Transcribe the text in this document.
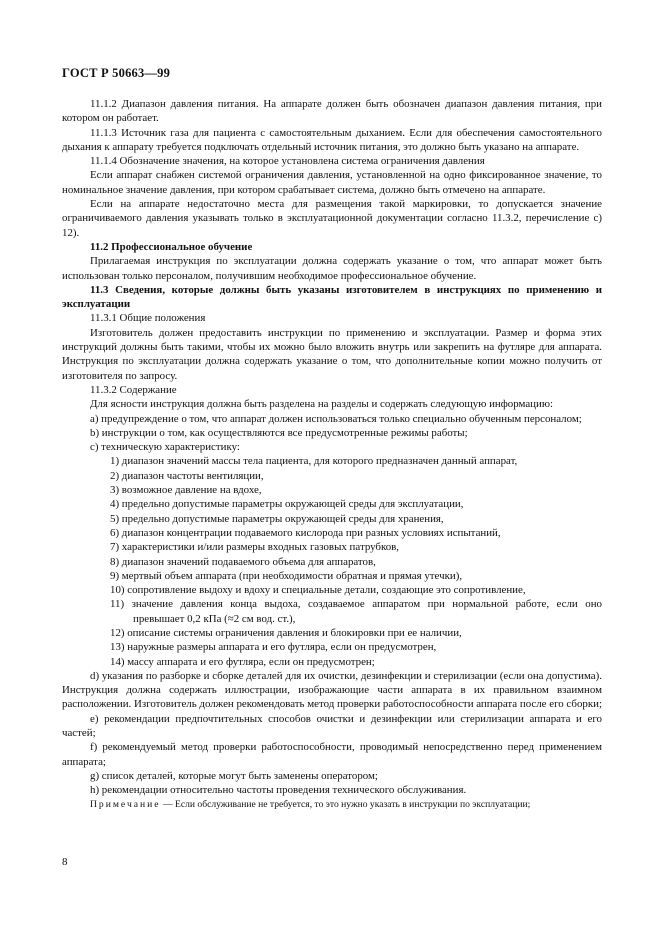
ГОСТ Р 50663—99

11.1.2 Диапазон давления питания. На аппарате должен быть обозначен диапазон давления питания, при котором он работает.

11.1.3 Источник газа для пациента с самостоятельным дыханием. Если для обеспечения самостоятельного дыхания к аппарату требуется подключать отдельный источник питания, это должно быть указано на аппарате.

11.1.4 Обозначение значения, на которое установлена система ограничения давления

Если аппарат снабжен системой ограничения давления, установленной на одно фиксированное значение, то номинальное значение давления, при котором срабатывает система, должно быть отмечено на аппарате.

Если на аппарате недостаточно места для размещения такой маркировки, то допускается значение ограничиваемого давления указывать только в эксплуатационной документации согласно 11.3.2, перечисление c) 12).

11.2 Профессиональное обучение

Прилагаемая инструкция по эксплуатации должна содержать указание о том, что аппарат может быть использован только персоналом, получившим необходимое профессиональное обучение.

11.3 Сведения, которые должны быть указаны изготовителем в инструкциях по применению и эксплуатации

11.3.1 Общие положения

Изготовитель должен предоставить инструкции по применению и эксплуатации. Размер и форма этих инструкций должны быть такими, чтобы их можно было вложить внутрь или закрепить на футляре для аппарата. Инструкция по эксплуатации должна содержать указание о том, что дополнительные копии можно получить от изготовителя по запросу.

11.3.2 Содержание

Для ясности инструкция должна быть разделена на разделы и содержать следующую информацию:

a) предупреждение о том, что аппарат должен использоваться только специально обученным персоналом;

b) инструкции о том, как осуществляются все предусмотренные режимы работы;

c) техническую характеристику:

1) диапазон значений массы тела пациента, для которого предназначен данный аппарат,

2) диапазон частоты вентиляции,

3) возможное давление на вдохе,

4) предельно допустимые параметры окружающей среды для эксплуатации,

5) предельно допустимые параметры окружающей среды для хранения,

6) диапазон концентрации подаваемого кислорода при разных условиях испытаний,

7) характеристики и/или размеры входных газовых патрубков,

8) диапазон значений подаваемого объема для аппаратов,

9) мертвый объем аппарата (при необходимости обратная и прямая утечки),

10) сопротивление выдоху и вдоху и специальные детали, создающие это сопротивление,

11) значение давления конца выдоха, создаваемое аппаратом при нормальной работе, если оно превышает 0,2 кПа (≈2 см вод. ст.),

12) описание системы ограничения давления и блокировки при ее наличии,

13) наружные размеры аппарата и его футляра, если он предусмотрен,

14) массу аппарата и его футляра, если он предусмотрен;

d) указания по разборке и сборке деталей для их очистки, дезинфекции и стерилизации (если она допустима). Инструкция должна содержать иллюстрации, изображающие части аппарата в их правильном взаимном расположении. Изготовитель должен рекомендовать метод проверки работоспособности аппарата после его сборки;

e) рекомендации предпочтительных способов очистки и дезинфекции или стерилизации аппарата и его частей;

f) рекомендуемый метод проверки работоспособности, проводимый непосредственно перед применением аппарата;

g) список деталей, которые могут быть заменены оператором;

h) рекомендации относительно частоты проведения технического обслуживания.

Примечание — Если обслуживание не требуется, то это нужно указать в инструкции по эксплуатации;

8
